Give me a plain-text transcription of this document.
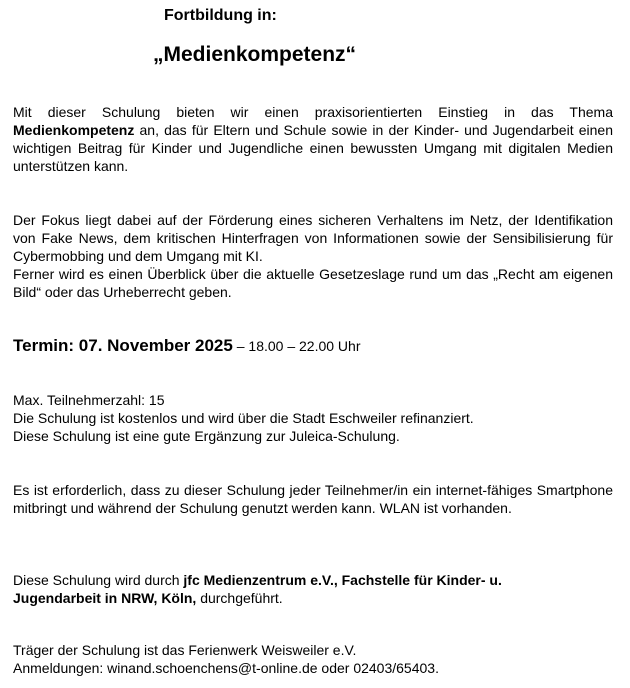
Fortbildung in:
„Medienkompetenz“

Mit dieser Schulung bieten wir einen praxisorientierten Einstieg in das Thema
Medienkompetenz an, das für Eltern und Schule sowie in der Kinder- und Jugendarbeit einen wichtigen Beitrag für Kinder und Jugendliche einen bewussten Umgang mit digitalen Medien unterstützen kann.

Der Fokus liegt dabei auf der Förderung eines sicheren Verhaltens im Netz, der Identifikation von Fake News, dem kritischen Hinterfragen von Informationen sowie der Sensibilisierung für Cybermobbing und dem Umgang mit KI.
Ferner wird es einen Überblick über die aktuelle Gesetzeslage rund um das „Recht am eigenen Bild“ oder das Urheberrecht geben.

Termin: 07. November 2025 – 18.00 – 22.00 Uhr

Max. Teilnehmerzahl: 15
Die Schulung ist kostenlos und wird über die Stadt Eschweiler refinanziert.
Diese Schulung ist eine gute Ergänzung zur Juleica-Schulung.

Es ist erforderlich, dass zu dieser Schulung jeder Teilnehmer/in ein internet-fähiges Smartphone mitbringt und während der Schulung genutzt werden kann. WLAN ist vorhanden.

Diese Schulung wird durch jfc Medienzentrum e.V., Fachstelle für Kinder- u. Jugendarbeit in NRW, Köln, durchgeführt.

Träger der Schulung ist das Ferienwerk Weisweiler e.V.
Anmeldungen: winand.schoenchens@t-online.de oder 02403/65403.
